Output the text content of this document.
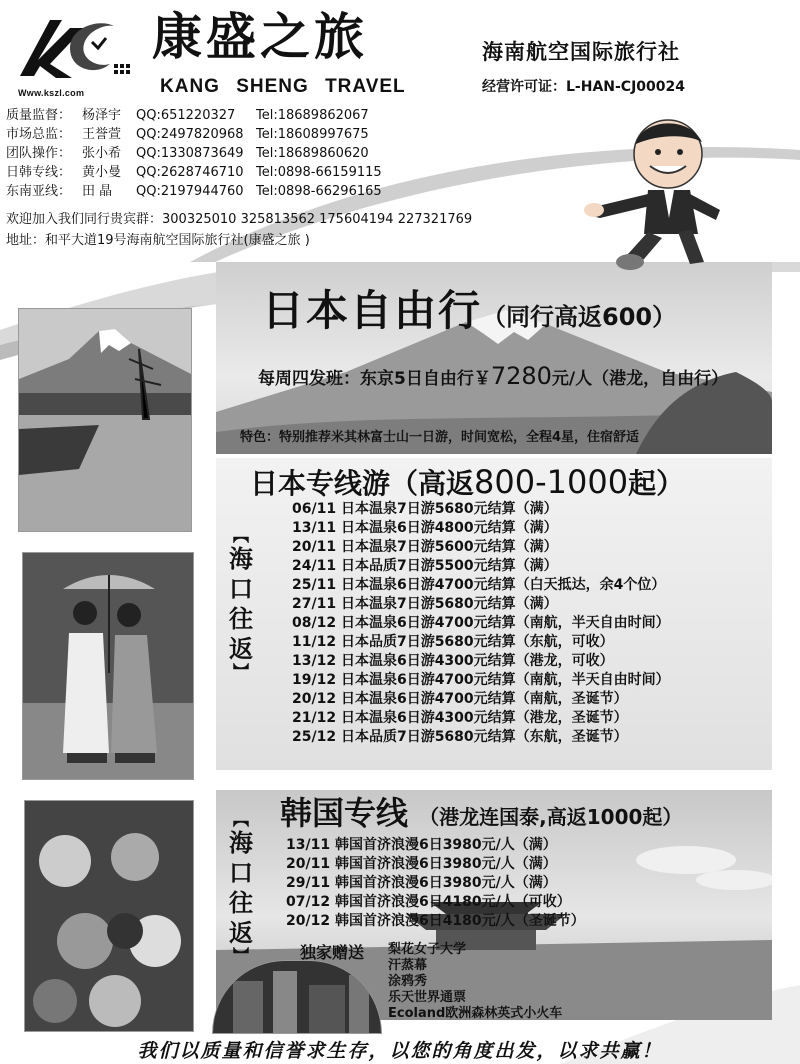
Www.kszl.com
康盛之旅
KANG SHENG TRAVEL
海南航空国际旅行社
经营许可证：L-HAN-CJ00024
质量监督： 杨泽宇	QQ:651220327	Tel:18689862067
市场总监： 王誉萱	QQ:2497820968 Tel:18608997675
团队操作： 张小希	QQ:1330873649 Tel:18689860620
日韩专线： 黄小曼	QQ:2628746710 Tel:0898-66159115
东南亚线： 田 晶	QQ:2197944760 Tel:0898-66296165
欢迎加入我们同行贵宾群：300325010 325813562 175604194 227321769
地址：和平大道19号海南航空国际旅行社(康盛之旅 )
日本自由行（同行高返600）
每周四发班：东京5日自由行￥7280元/人（港龙，自由行）
特色：特别推荐米其林富士山一日游，时间宽松，全程4星，住宿舒适
日本专线游（高返800-1000起）
︻
海
口
往
返
︼
06/11 日本温泉7日游5680元结算（满）
13/11 日本温泉6日游4800元结算（满）
20/11 日本温泉7日游5600元结算（满）
24/11 日本品质7日游5500元结算（满）
25/11 日本温泉6日游4700元结算（白天抵达，余4个位）
27/11 日本温泉7日游5680元结算（满）
08/12 日本温泉6日游4700元结算（南航，半天自由时间）
11/12 日本品质7日游5680元结算（东航，可收）
13/12 日本温泉6日游4300元结算（港龙，可收）
19/12 日本温泉6日游4700元结算（南航，半天自由时间）
20/12 日本温泉6日游4700元结算（南航，圣诞节）
21/12 日本温泉6日游4300元结算（港龙，圣诞节）
25/12 日本品质7日游5680元结算（东航，圣诞节）
韩国专线 （港龙连国泰,高返1000起）
︻
海
口
往
返
︼
13/11 韩国首济浪漫6日3980元/人（满）
20/11 韩国首济浪漫6日3980元/人（满）
29/11 韩国首济浪漫6日3980元/人（满）
07/12 韩国首济浪漫6日4180元/人（可收）
20/12 韩国首济浪漫6日4180元/人（圣诞节）
独家赠送 梨花女子大学
汗蒸幕
涂鸦秀
乐天世界通票
Ecoland欧洲森林英式小火车
我们以质量和信誉求生存，以您的角度出发，以求共赢！
